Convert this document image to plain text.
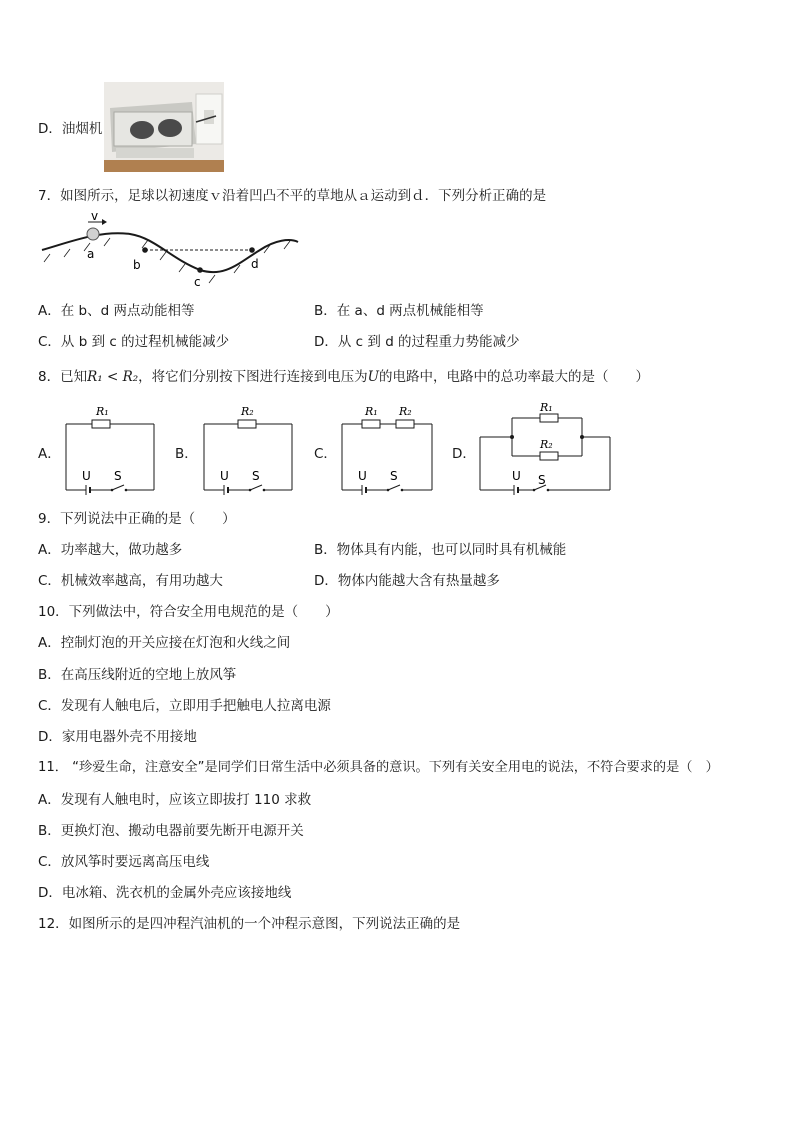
D．油烟机
7．如图所示，足球以初速度ｖ沿着凹凸不平的草地从ａ运动到ｄ．下列分析正确的是
v
a
b
c
d
A．在 b、d 两点动能相等	B．在 a、d 两点机械能相等
C．从 b 到 c 的过程机械能减少	D．从 c 到 d 的过程重力势能减少
8．已知R₁ < R₂，将它们分别按下图进行连接到电压为U的电路中，电路中的总功率最大的是（　　）
A．	B．	C．	D．
R₁
U S
R₂
U S
R₁ R₂
U S
R₁
R₂
U S
9．下列说法中正确的是（　　）
A．功率越大，做功越多	B．物体具有内能，也可以同时具有机械能
C．机械效率越高，有用功越大	D．物体内能越大含有热量越多
10．下列做法中，符合安全用电规范的是（　　）
A．控制灯泡的开关应接在灯泡和火线之间
B．在高压线附近的空地上放风筝
C．发现有人触电后，立即用手把触电人拉离电源
D．家用电器外壳不用接地
11． “珍爱生命，注意安全”是同学们日常生活中必须具备的意识。下列有关安全用电的说法，不符合要求的是（　）
A．发现有人触电时，应该立即拔打 110 求救
B．更换灯泡、搬动电器前要先断开电源开关
C．放风筝时要远离高压电线
D．电冰箱、洗衣机的金属外壳应该接地线
12．如图所示的是四冲程汽油机的一个冲程示意图，下列说法正确的是
